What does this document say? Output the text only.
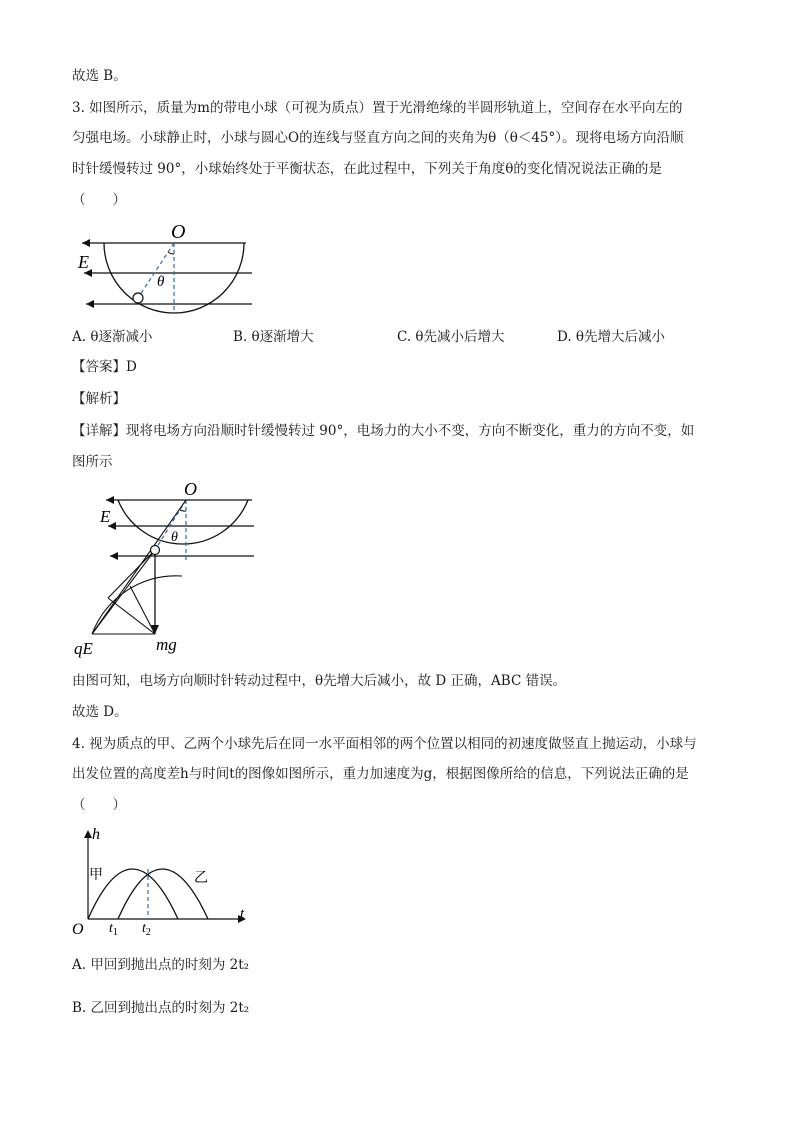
故选 B。
3. 如图所示，质量为m的带电小球（可视为质点）置于光滑绝缘的半圆形轨道上，空间存在水平向左的
匀强电场。小球静止时，小球与圆心O的连线与竖直方向之间的夹角为θ（θ＜45°）。现将电场方向沿顺
时针缓慢转过 90°，小球始终处于平衡状态，在此过程中，下列关于角度θ的变化情况说法正确的是
（　　）
O
E
θ
A. θ逐渐减小	B. θ逐渐增大	C. θ先减小后增大	D. θ先增大后减小
【答案】D
【解析】
【详解】现将电场方向沿顺时针缓慢转过 90°，电场力的大小不变，方向不断变化，重力的方向不变，如
图所示
O
E
θ
qE	mg
由图可知，电场方向顺时针转动过程中，θ先增大后减小，故 D 正确，ABC 错误。
故选 D。
4. 视为质点的甲、乙两个小球先后在同一水平面相邻的两个位置以相同的初速度做竖直上抛运动，小球与
出发位置的高度差h与时间t的图像如图所示，重力加速度为g，根据图像所给的信息，下列说法正确的是
（　　）
h
t
O
甲	乙
$t_1$ $t_2$
A. 甲回到抛出点的时刻为 2t₂
B. 乙回到抛出点的时刻为 2t₂
